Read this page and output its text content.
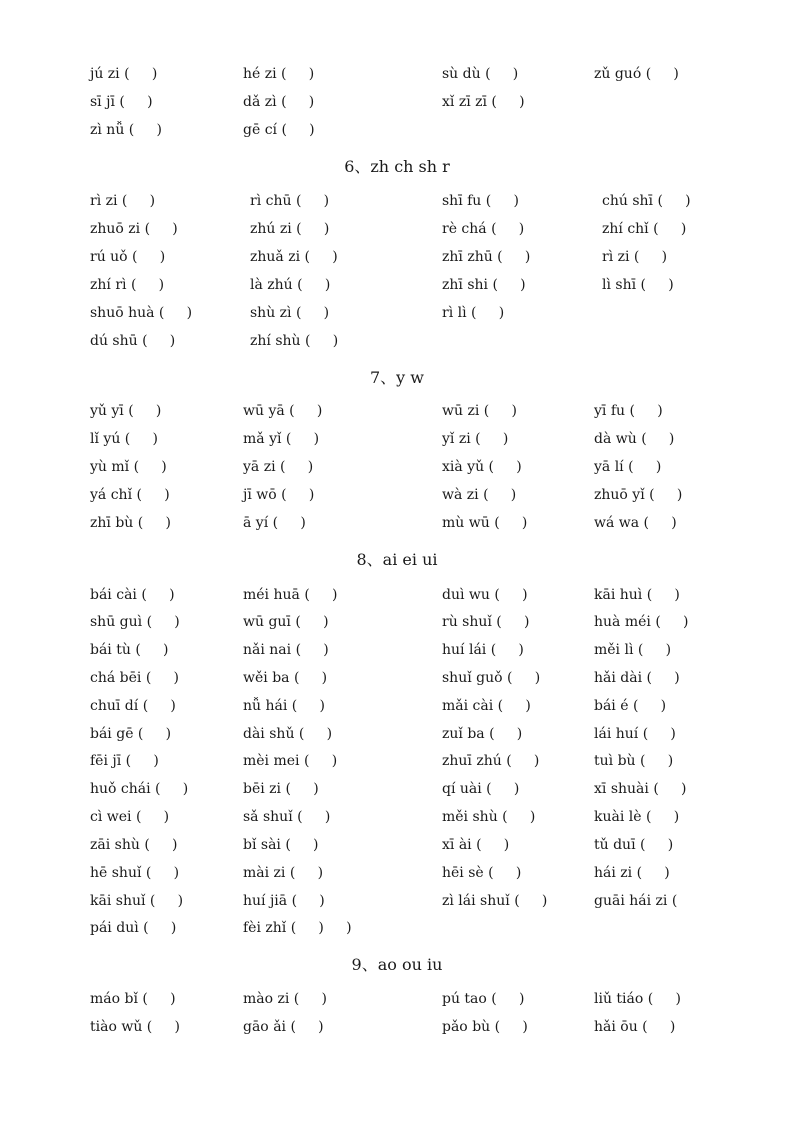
jú zi (     )	hé zi (     )	sù dù (     )	zǔ guó (     )
sī jī (     )	dǎ zì (     )	xǐ zī zī (     )
zì nǚ (     )	gē cí (     )
6、zh ch sh r
rì zi (     )	rì chū (     )	shī fu (     )	chú shī (     )
zhuō zi (     )	zhú zi (     )	rè chá (     )	zhí chǐ (     )
rú uǒ (     )	zhuǎ zi (     )	zhī zhū (     )	rì zi (     )
zhí rì (     )	là zhú (     )	zhī shi (     )	lì shī (     )
shuō huà (     )	shù zì (     )	rì lì (     )
dú shū (     )	zhí shù (     )
7、y w
yǔ yī (     )	wū yā (     )	wū zi (     )	yī fu (     )
lǐ yú (     )	mǎ yǐ (     )	yǐ zi (     )	dà wù (     )
yù mǐ (     )	yā zi (     )	xià yǔ (     )	yā lí (     )
yá chǐ (     )	jī wō (     )	wà zi (     )	zhuō yǐ (     )
zhī bù (     )	ā yí (     )	mù wū (     )	wá wa (     )
8、ai ei ui
bái cài (     )	méi huā (     )	duì wu (     )	kāi huì (     )
shū guì (     )	wū guī (     )	rù shuǐ (     )	huà méi (     )
bái tù (     )	nǎi nai (     )	huí lái (     )	měi lì (     )
chá bēi (     )	wěi ba (     )	shuǐ guǒ (     )	hǎi dài (     )
chuī dí (     )	nǚ hái (     )	mǎi cài (     )	bái é (     )
bái gē (     )	dài shǔ (     )	zuǐ ba (     )	lái huí (     )
fēi jī (     )	mèi mei (     )	zhuī zhú (     )	tuì bù (     )
huǒ chái (     )	bēi zi (     )	qí uài (     )	xī shuài (     )
cì wei (     )	sǎ shuǐ (     )	měi shù (     )	kuài lè (     )
zāi shù (     )	bǐ sài (     )	xī ài (     )	tǔ duī (     )
hē shuǐ (     )	mài zi (     )	hēi sè (     )	hái zi (     )
kāi shuǐ (     )	huí jiā (     )	zì lái shuǐ (     )	guāi hái zi (
pái duì (     )	fèi zhǐ (     )     )
9、ao ou iu
máo bǐ (     )	mào zi (     )	pú tao (     )	liǔ tiáo (     )
tiào wǔ (     )	gāo ǎi (     )	pǎo bù (     )	hǎi ōu (     )
